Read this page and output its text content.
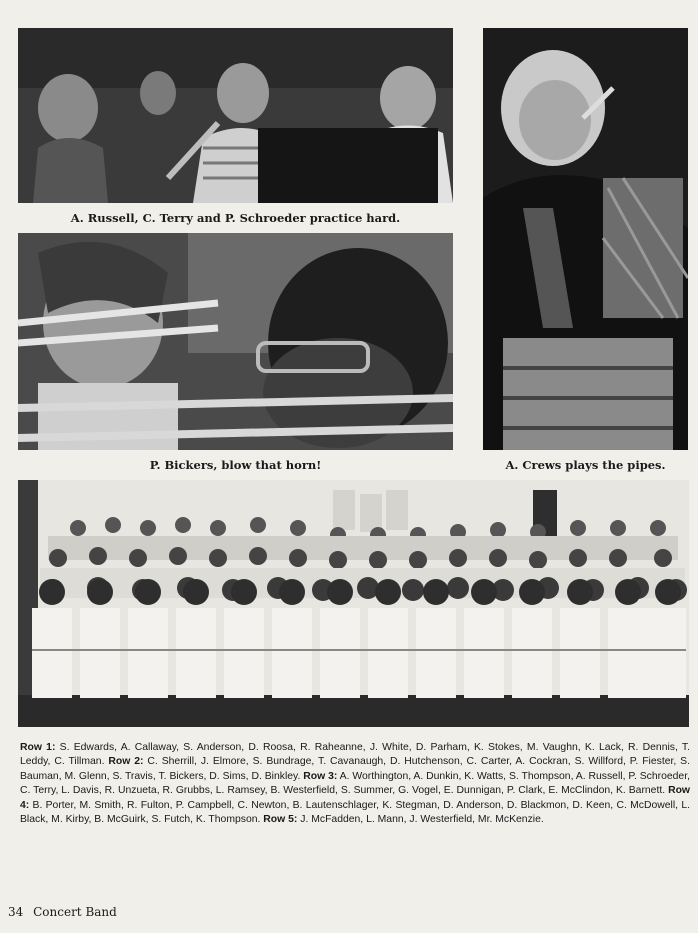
A. Russell, C. Terry and P. Schroeder practice hard.
P. Bickers, blow that horn!	A. Crews plays the pipes.
Row 1: S. Edwards, A. Callaway, S. Anderson, D. Roosa, R. Raheanne, J. White, D. Parham, K. Stokes, M. Vaughn, K. Lack, R. Dennis, T. Leddy, C. Tillman. Row 2: C. Sherrill, J. Elmore, S. Bundrage, T. Cavanaugh, D. Hutchenson, C. Carter, A. Cockran, S. Willford, P. Fiester, S. Bauman, M. Glenn, S. Travis, T. Bickers, D. Sims, D. Binkley. Row 3: A. Worthington, A. Dunkin, K. Watts, S. Thompson, A. Russell, P. Schroeder, C. Terry, L. Davis, R. Unzueta, R. Grubbs, L. Ramsey, B. Westerfield, S. Summer, G. Vogel, E. Dunnigan, P. Clark, E. McClindon, K. Barnett. Row 4: B. Porter, M. Smith, R. Fulton, P. Campbell, C. Newton, B. Lautenschlager, K. Stegman, D. Anderson, D. Blackmon, D. Keen, C. McDowell, L. Black, M. Kirby, B. McGuirk, S. Futch, K. Thompson. Row 5: J. McFadden, L. Mann, J. Westerfield, Mr. McKenzie.
34 Concert Band
